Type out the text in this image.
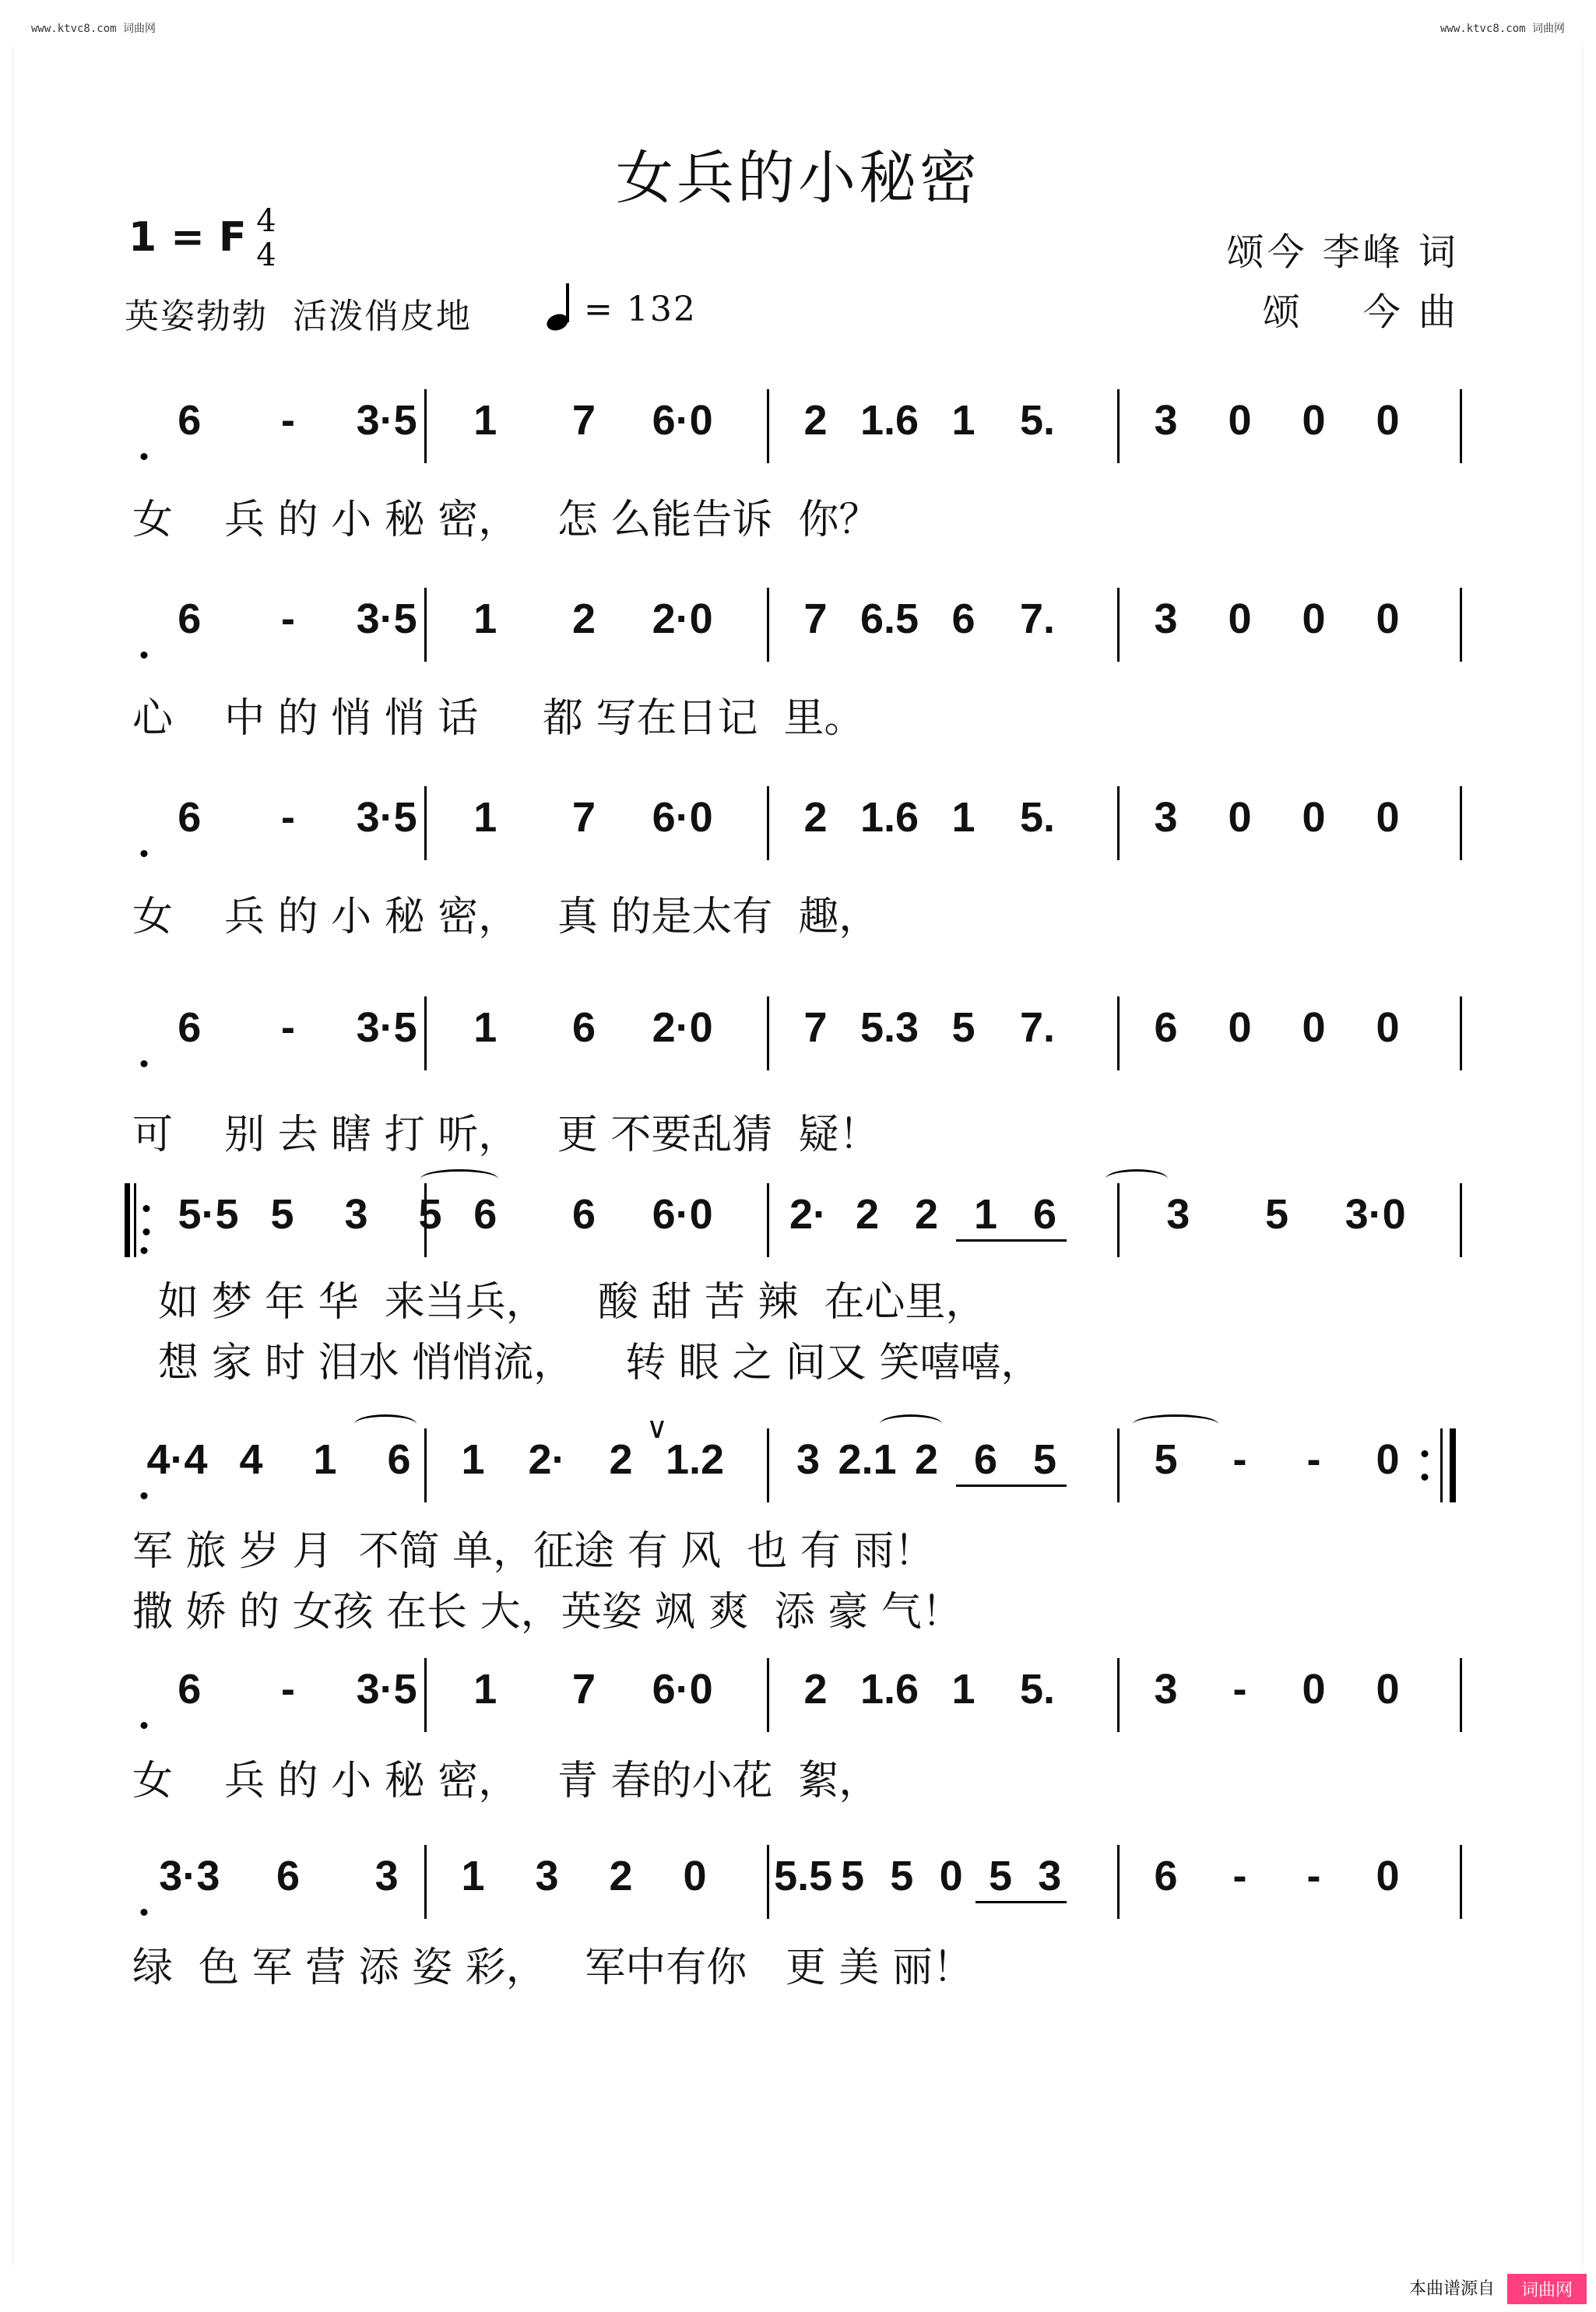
www.ktvc8.com 词曲网	www.ktvc8.com 词曲网
女兵的小秘密
1 = F 4
4
英姿勃勃  活泼俏皮地	= 132
颂今 李峰 词
颂    今 曲
6 - 3·5 1 7 6·0 2 1.6 1 5. 3 0 0 0
女    兵 的 小 秘 密，   怎 么能告诉  你？
6 - 3·5 1 2 2·0 7 6.5 6 7. 3 0 0 0
心    中 的 悄 悄 话     都 写在日记  里。
6 - 3·5 1 7 6·0 2 1.6 1 5. 3 0 0 0
女    兵 的 小 秘 密，   真 的是太有  趣，
6 - 3·5 1 6 2·0 7 5.3 5 7. 6 0 0 0
可    别 去 瞎 打 听，   更 不要乱猜  疑！
5·5 5 3 5 6 6 6·0 2· 2 2 1 6	3 5 3·0
如 梦 年 华  来当兵，    酸 甜 苦 辣  在心里，
想 家 时 泪水 悄悄流，    转 眼 之 间又 笑嘻嘻，
4·4 4 1 6 1 2· 2 1.2 3 2.1 2 6 5 5 - - 0
军 旅 岁 月  不简 单，征途 有 风  也 有 雨！
撒 娇 的 女孩 在长 大，英姿 飒 爽  添 豪 气！
6 - 3·5 1 7 6·0 2 1.6 1 5. 3 - 0 0
女    兵 的 小 秘 密，   青 春的小花  絮，
3·3 6 3 1 3 2 0 5.5 5 5 0 5 3 6 - - 0
绿  色 军 营 添 姿 彩，   军中有你   更 美 丽！
∨
本曲谱源自	词曲网
